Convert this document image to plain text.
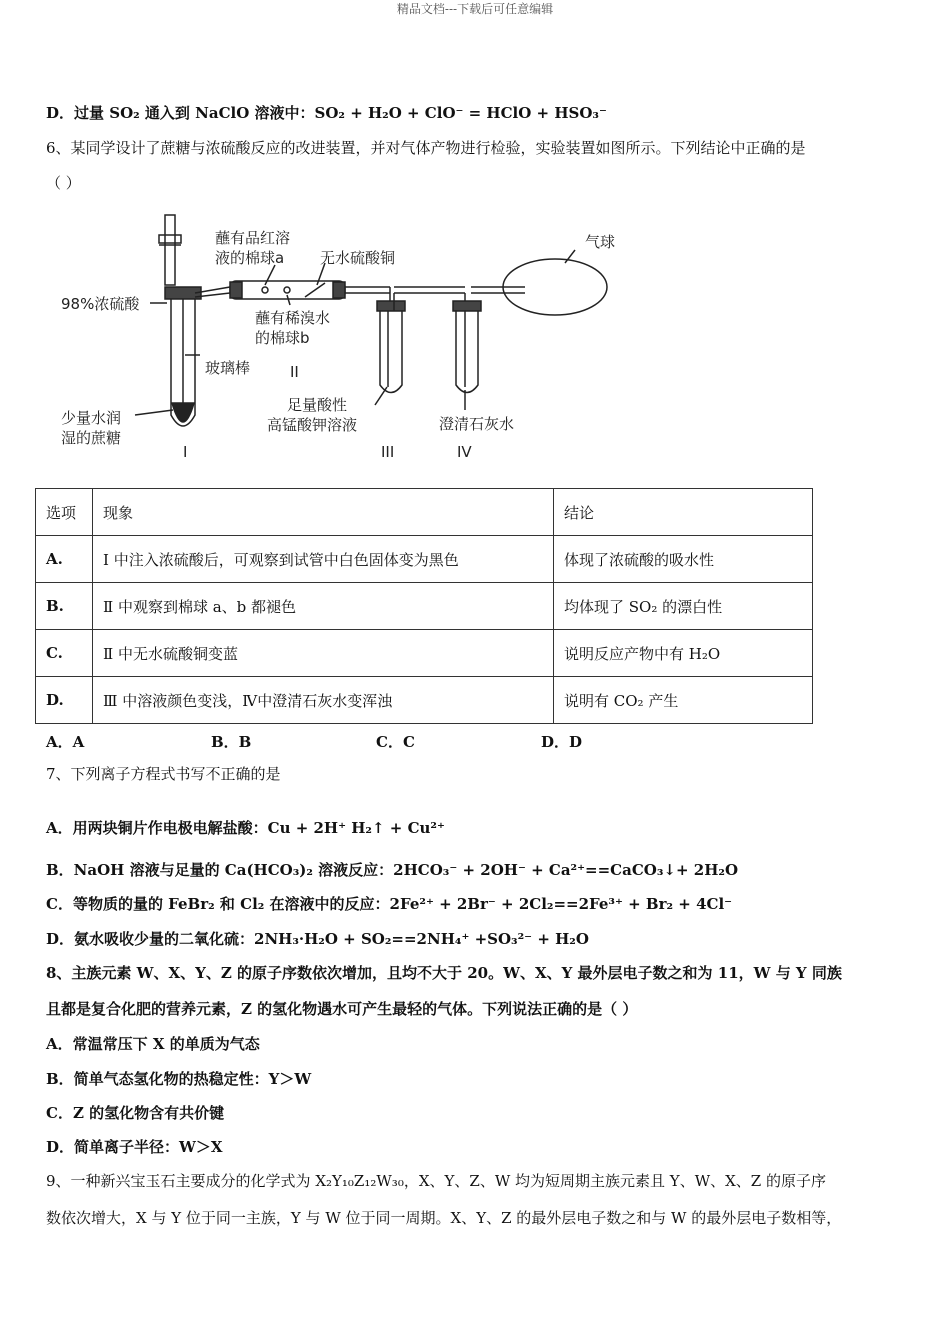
精品文档---下载后可任意编辑
D．过量 SO₂ 通入到 NaClO 溶液中：SO₂ + H₂O + ClO⁻ = HClO + HSO₃⁻
6、某同学设计了蔗糖与浓硫酸反应的改进装置，并对气体产物进行检验，实验装置如图所示。下列结论中正确的是
（ ）
蘸有品红溶
液的棉球a 无水硫酸铜
气球
98%浓硫酸
蘸有稀溴水
的棉球b
玻璃棒	II
足量酸性
高锰酸钾溶液	澄清石灰水
少量水润
湿的蔗糖
I	III	IV
选项	现象	结论
A.	Ⅰ 中注入浓硫酸后，可观察到试管中白色固体变为黑色	体现了浓硫酸的吸水性
B.	Ⅱ 中观察到棉球 a、b 都褪色	均体现了 SO₂ 的漂白性
C.	Ⅱ 中无水硫酸铜变蓝	说明反应产物中有 H₂O
D.	Ⅲ 中溶液颜色变浅，Ⅳ中澄清石灰水变浑浊	说明有 CO₂ 产生
A．A	B．B	C．C	D．D
7、下列离子方程式书写不正确的是
A．用两块铜片作电极电解盐酸：Cu + 2H⁺ H₂↑ + Cu²⁺
B．NaOH 溶液与足量的 Ca(HCO₃)₂ 溶液反应：2HCO₃⁻ + 2OH⁻ + Ca²⁺==CaCO₃↓+ 2H₂O
C．等物质的量的 FeBr₂ 和 Cl₂ 在溶液中的反应：2Fe²⁺ + 2Br⁻ + 2Cl₂==2Fe³⁺ + Br₂ + 4Cl⁻
D．氨水吸收少量的二氧化硫：2NH₃·H₂O + SO₂==2NH₄⁺ +SO₃²⁻ + H₂O
8、主族元素 W、X、Y、Z 的原子序数依次增加，且均不大于 20。W、X、Y 最外层电子数之和为 11，W 与 Y 同族
且都是复合化肥的营养元素，Z 的氢化物遇水可产生最轻的气体。下列说法正确的是（ ）
A．常温常压下 X 的单质为气态
B．简单气态氢化物的热稳定性：Y＞W
C．Z 的氢化物含有共价键
D．简单离子半径：W＞X
9、一种新兴宝玉石主要成分的化学式为 X₂Y₁₀Z₁₂W₃₀，X、Y、Z、W 均为短周期主族元素且 Y、W、X、Z 的原子序
数依次增大，X 与 Y 位于同一主族，Y 与 W 位于同一周期。X、Y、Z 的最外层电子数之和与 W 的最外层电子数相等，
